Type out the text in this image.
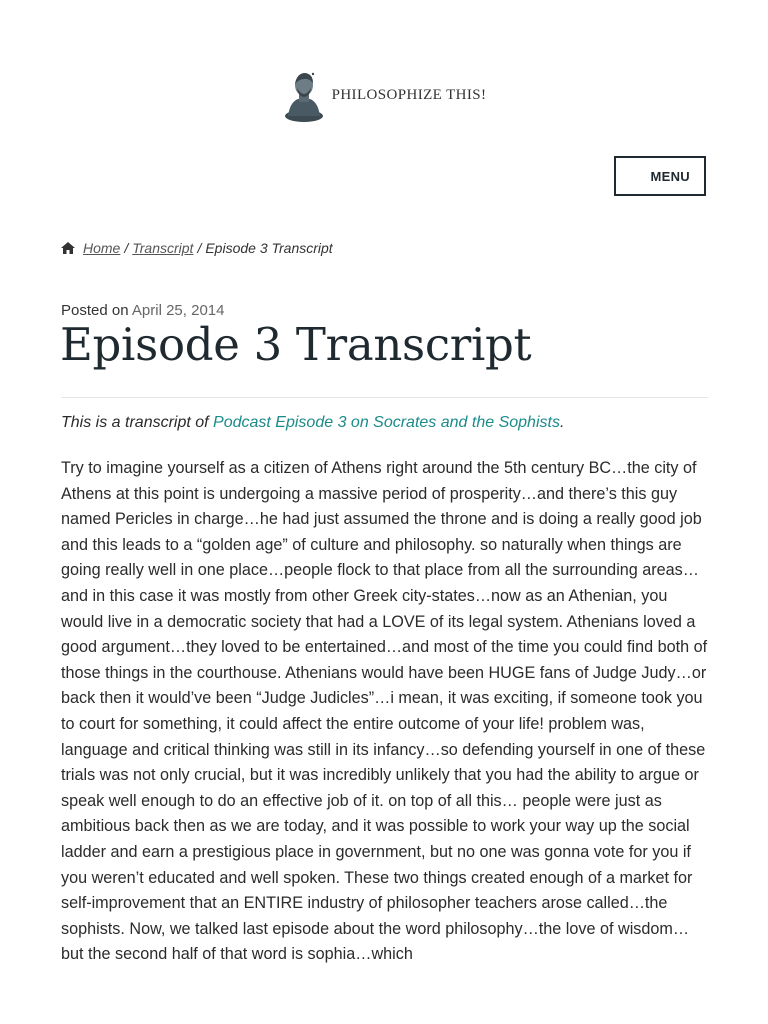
PHILOSOPHIZE THIS!
MENU
Home / Transcript / Episode 3 Transcript
Posted on April 25, 2014
Episode 3 Transcript

This is a transcript of Podcast Episode 3 on Socrates and the Sophists.

Try to imagine yourself as a citizen of Athens right around the 5th century BC…the city of Athens at this point is undergoing a massive period of prosperity…and there’s this guy named Pericles in charge…he had just assumed the throne and is doing a really good job and this leads to a “golden age” of culture and philosophy. so naturally when things are going really well in one place…people flock to that place from all the surrounding areas… and in this case it was mostly from other Greek city-states…now as an Athenian, you would live in a democratic society that had a LOVE of its legal system. Athenians loved a good argument…they loved to be entertained…and most of the time you could find both of those things in the courthouse. Athenians would have been HUGE fans of Judge Judy…or back then it would’ve been “Judge Judicles”…i mean, it was exciting, if someone took you to court for something, it could affect the entire outcome of your life! problem was, language and critical thinking was still in its infancy…so defending yourself in one of these trials was not only crucial, but it was incredibly unlikely that you had the ability to argue or speak well enough to do an effective job of it. on top of all this… people were just as ambitious back then as we are today, and it was possible to work your way up the social ladder and earn a prestigious place in government, but no one was gonna vote for you if you weren’t educated and well spoken. These two things created enough of a market for self-improvement that an ENTIRE industry of philosopher teachers arose called…the sophists. Now, we talked last episode about the word philosophy…the love of wisdom…but the second half of that word is sophia…which
